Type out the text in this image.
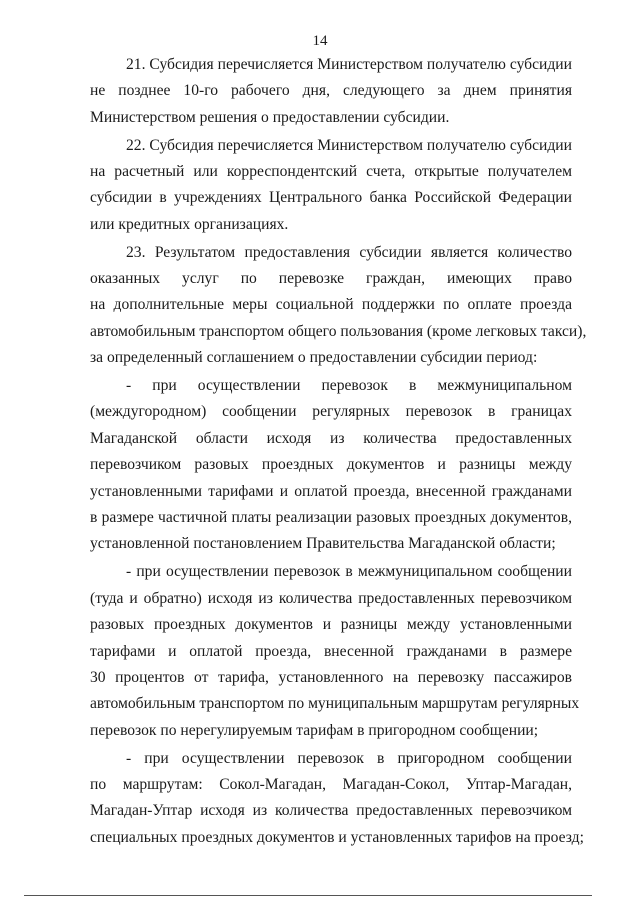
14
21. Субсидия перечисляется Министерством получателю субсидии
не позднее 10-го рабочего дня, следующего за днем принятия
Министерством решения о предоставлении субсидии.
22. Субсидия перечисляется Министерством получателю субсидии
на расчетный или корреспондентский счета, открытые получателем
субсидии в учреждениях Центрального банка Российской Федерации
или кредитных организациях.
23. Результатом предоставления субсидии является количество
оказанных услуг по перевозке граждан, имеющих право
на дополнительные меры социальной поддержки по оплате проезда
автомобильным транспортом общего пользования (кроме легковых такси),
за определенный соглашением о предоставлении субсидии период:
- при осуществлении перевозок в межмуниципальном
(междугородном) сообщении регулярных перевозок в границах
Магаданской области исходя из количества предоставленных
перевозчиком разовых проездных документов и разницы между
установленными тарифами и оплатой проезда, внесенной гражданами
в размере частичной платы реализации разовых проездных документов,
установленной постановлением Правительства Магаданской области;
- при осуществлении перевозок в межмуниципальном сообщении
(туда и обратно) исходя из количества предоставленных перевозчиком
разовых проездных документов и разницы между установленными
тарифами и оплатой проезда, внесенной гражданами в размере
30 процентов от тарифа, установленного на перевозку пассажиров
автомобильным транспортом по муниципальным маршрутам регулярных
перевозок по нерегулируемым тарифам в пригородном сообщении;
- при осуществлении перевозок в пригородном сообщении
по маршрутам: Сокол-Магадан, Магадан-Сокол, Уптар-Магадан,
Магадан-Уптар исходя из количества предоставленных перевозчиком
специальных проездных документов и установленных тарифов на проезд;
